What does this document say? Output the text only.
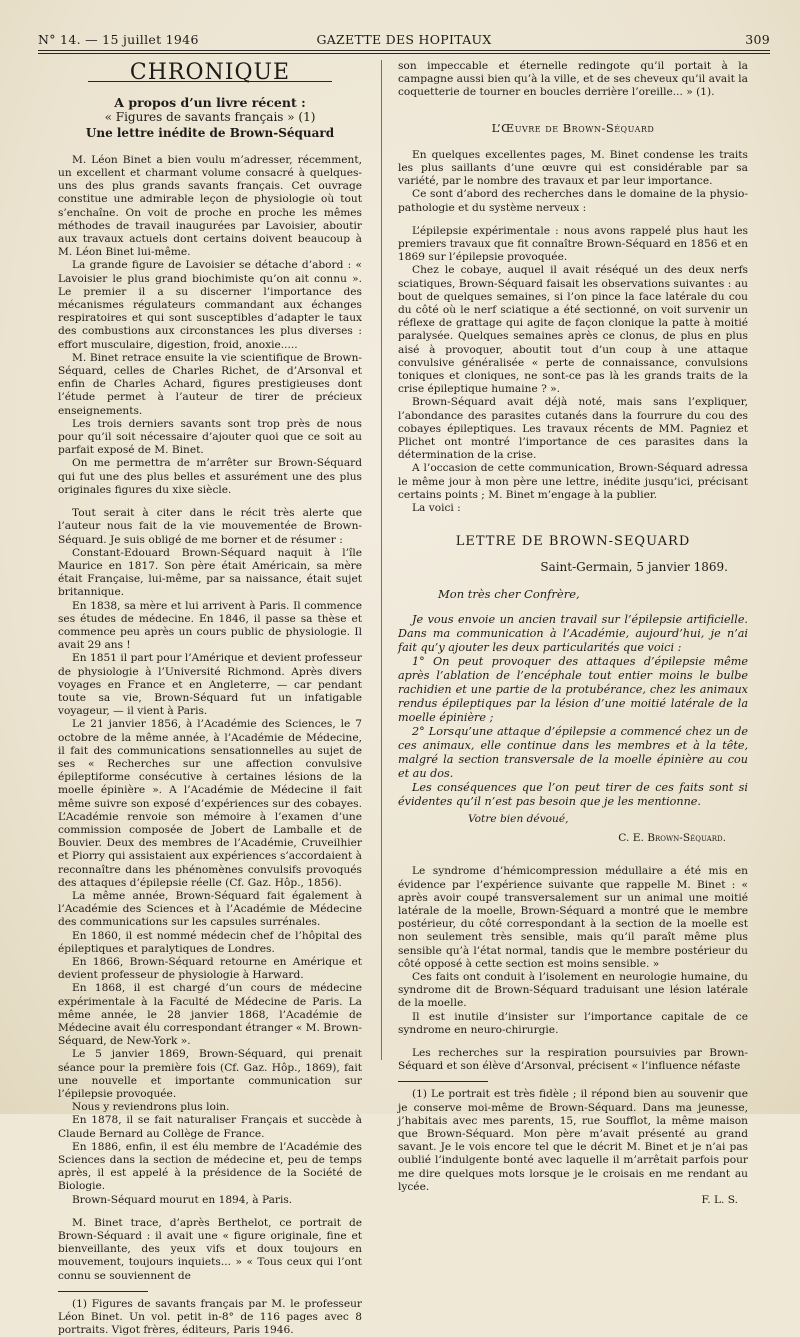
N° 14. — 15 juillet 1946	GAZETTE DES HOPITAUX	309

CHRONIQUE

A propos d’un livre récent :

« Figures de savants français » (1)

Une lettre inédite de Brown-Séquard

M. Léon Binet a bien voulu m’adresser, récemment, un excellent et charmant volume consacré à quelques-uns des plus grands savants français. Cet ouvrage constitue une admirable leçon de physiologie où tout s’enchaîne. On voit de proche en proche les mêmes méthodes de travail inaugurées par Lavoisier, aboutir aux travaux actuels dont certains doivent beaucoup à M. Léon Binet lui-même.

La grande figure de Lavoisier se détache d’abord : « Lavoisier le plus grand biochimiste qu’on ait connu ». Le premier il a su discerner l’importance des mécanismes régulateurs commandant aux échanges respiratoires et qui sont susceptibles d’adapter le taux des combustions aux circonstances les plus diverses : effort musculaire, digestion, froid, anoxie.....

M. Binet retrace ensuite la vie scientifique de Brown-Séquard, celles de Charles Richet, de d’Arsonval et enfin de Charles Achard, figures prestigieuses dont l’étude permet à l’auteur de tirer de précieux enseignements.

Les trois derniers savants sont trop près de nous pour qu’il soit nécessaire d’ajouter quoi que ce soit au parfait exposé de M. Binet.

On me permettra de m’arrêter sur Brown-Séquard qui fut une des plus belles et assurément une des plus originales figures du xixe siècle.

Tout serait à citer dans le récit très alerte que l’auteur nous fait de la vie mouvementée de Brown-Séquard. Je suis obligé de me borner et de résumer :

Constant-Edouard Brown-Séquard naquit à l’île Maurice en 1817. Son père était Américain, sa mère était Française, lui-même, par sa naissance, était sujet britannique.

En 1838, sa mère et lui arrivent à Paris. Il commence ses études de médecine. En 1846, il passe sa thèse et commence peu après un cours public de physiologie. Il avait 29 ans !

En 1851 il part pour l’Amérique et devient professeur de physiologie à l’Université Richmond. Après divers voyages en France et en Angleterre, — car pendant toute sa vie, Brown-Séquard fut un infatigable voyageur, — il vient à Paris.

Le 21 janvier 1856, à l’Académie des Sciences, le 7 octobre de la même année, à l’Académie de Médecine, il fait des communications sensationnelles au sujet de ses « Recherches sur une affection convulsive épileptiforme consécutive à certaines lésions de la moelle épinière ». A l’Académie de Médecine il fait même suivre son exposé d’expériences sur des cobayes. L’Académie renvoie son mémoire à l’examen d’une commission composée de Jobert de Lamballe et de Bouvier. Deux des membres de l’Académie, Cruveilhier et Piorry qui assistaient aux expériences s’accordaient à reconnaître dans les phénomènes convulsifs provoqués des attaques d’épilepsie réelle (Cf. Gaz. Hôp., 1856).

La même année, Brown-Séquard fait également à l’Académie des Sciences et à l’Académie de Médecine des communications sur les capsules surrénales.

En 1860, il est nommé médecin chef de l’hôpital des épileptiques et paralytiques de Londres.

En 1866, Brown-Séquard retourne en Amérique et devient professeur de physiologie à Harward.

En 1868, il est chargé d’un cours de médecine expérimentale à la Faculté de Médecine de Paris. La même année, le 28 janvier 1868, l’Académie de Médecine avait élu correspondant étranger « M. Brown-Séquard, de New-York ».

Le 5 janvier 1869, Brown-Séquard, qui prenait séance pour la première fois (Cf. Gaz. Hôp., 1869), fait une nouvelle et importante communication sur l’épilepsie provoquée.

Nous y reviendrons plus loin.

En 1878, il se fait naturaliser Français et succède à Claude Bernard au Collège de France.

En 1886, enfin, il est élu membre de l’Académie des Sciences dans la section de médecine et, peu de temps après, il est appelé à la présidence de la Société de Biologie.

Brown-Séquard mourut en 1894, à Paris.

M. Binet trace, d’après Berthelot, ce portrait de Brown-Séquard : il avait une « figure originale, fine et bienveillante, des yeux vifs et doux toujours en mouvement, toujours inquiets... » « Tous ceux qui l’ont connu se souviennent de

(1) Figures de savants français par M. le professeur Léon Binet. Un vol. petit in-8° de 116 pages avec 8 portraits. Vigot frères, éditeurs, Paris 1946.

son impeccable et éternelle redingote qu’il portait à la campagne aussi bien qu’à la ville, et de ses cheveux qu’il avait la coquetterie de tourner en boucles derrière l’oreille... » (1).

L’Œuvre de Brown-Séquard

En quelques excellentes pages, M. Binet condense les traits les plus saillants d’une œuvre qui est considérable par sa variété, par le nombre des travaux et par leur importance.

Ce sont d’abord des recherches dans le domaine de la physio-pathologie et du système nerveux :

L’épilepsie expérimentale : nous avons rappelé plus haut les premiers travaux que fit connaître Brown-Séquard en 1856 et en 1869 sur l’épilepsie provoquée.

Chez le cobaye, auquel il avait réséqué un des deux nerfs sciatiques, Brown-Séquard faisait les observations suivantes : au bout de quelques semaines, si l’on pince la face latérale du cou du côté où le nerf sciatique a été sectionné, on voit survenir un réflexe de grattage qui agite de façon clonique la patte à moitié paralysée. Quelques semaines après ce clonus, de plus en plus aisé à provoquer, aboutit tout d’un coup à une attaque convulsive généralisée « perte de connaissance, convulsions toniques et cloniques, ne sont-ce pas là les grands traits de la crise épileptique humaine ? ».

Brown-Séquard avait déjà noté, mais sans l’expliquer, l’abondance des parasites cutanés dans la fourrure du cou des cobayes épileptiques. Les travaux récents de MM. Pagniez et Plichet ont montré l’importance de ces parasites dans la détermination de la crise.

A l’occasion de cette communication, Brown-Séquard adressa le même jour à mon père une lettre, inédite jusqu’ici, précisant certains points ; M. Binet m’engage à la publier.

La voici :

LETTRE DE BROWN-SEQUARD

Saint-Germain, 5 janvier 1869.

Mon très cher Confrère,

Je vous envoie un ancien travail sur l’épilepsie artificielle. Dans ma communication à l’Académie, aujourd’hui, je n’ai fait qu’y ajouter les deux particularités que voici :

1° On peut provoquer des attaques d’épilepsie même après l’ablation de l’encéphale tout entier moins le bulbe rachidien et une partie de la protubérance, chez les animaux rendus épileptiques par la lésion d’une moitié latérale de la moelle épinière ;

2° Lorsqu’une attaque d’épilepsie a commencé chez un de ces animaux, elle continue dans les membres et à la tête, malgré la section transversale de la moelle épinière au cou et au dos.

Les conséquences que l’on peut tirer de ces faits sont si évidentes qu’il n’est pas besoin que je les mentionne.

Votre bien dévoué,

C. E. Brown-Séquard.

Le syndrome d’hémicompression médullaire a été mis en évidence par l’expérience suivante que rappelle M. Binet : « après avoir coupé transversalement sur un animal une moitié latérale de la moelle, Brown-Séquard a montré que le membre postérieur, du côté correspondant à la section de la moelle est non seulement très sensible, mais qu’il paraît même plus sensible qu’à l’état normal, tandis que le membre postérieur du côté opposé à cette section est moins sensible. »

Ces faits ont conduit à l’isolement en neurologie humaine, du syndrome dit de Brown-Séquard traduisant une lésion latérale de la moelle.

Il est inutile d’insister sur l’importance capitale de ce syndrome en neuro-chirurgie.

Les recherches sur la respiration poursuivies par Brown-Séquard et son élève d’Arsonval, précisent « l’influence néfaste

(1) Le portrait est très fidèle ; il répond bien au souvenir que je conserve moi-même de Brown-Séquard. Dans ma jeunesse, j’habitais avec mes parents, 15, rue Soufflot, la même maison que Brown-Séquard. Mon père m’avait présenté au grand savant. Je le vois encore tel que le décrit M. Binet et je n’ai pas oublié l’indulgente bonté avec laquelle il m’arrêtait parfois pour me dire quelques mots lorsque je le croisais en me rendant au lycée.

F. L. S.
